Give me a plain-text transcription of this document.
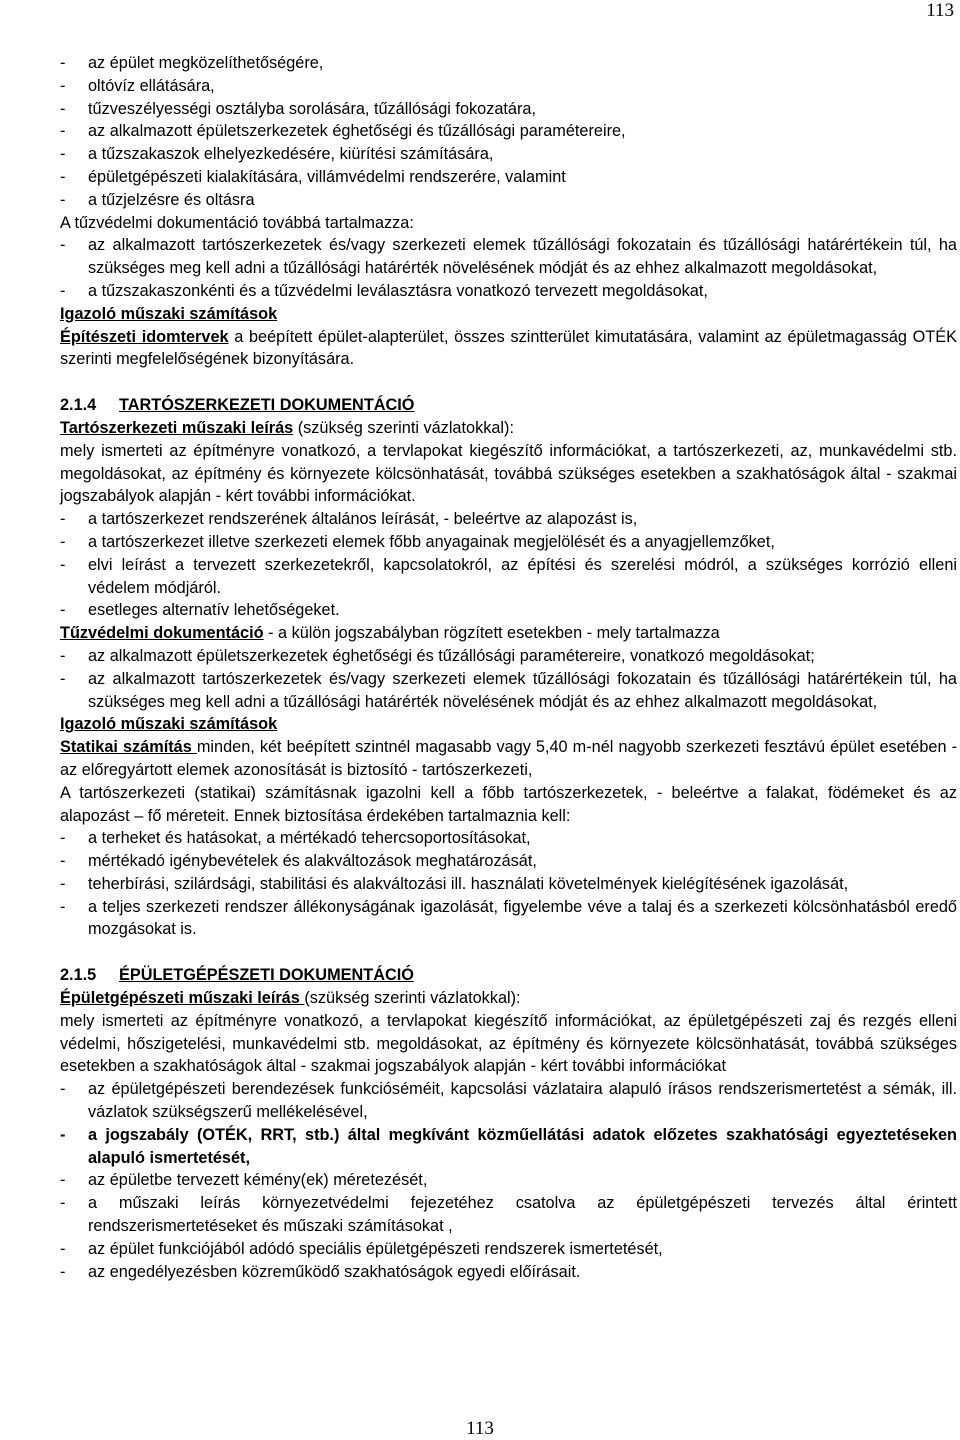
113

- az épület megközelíthetőségére,

- oltóvíz ellátására,

- tűzveszélyességi osztályba sorolására, tűzállósági fokozatára,

- az alkalmazott épületszerkezetek éghetőségi és tűzállósági paramétereire,

- a tűzszakaszok elhelyezkedésére, kiürítési számítására,

- épületgépészeti kialakítására, villámvédelmi rendszerére, valamint

- a tűzjelzésre és oltásra

A tűzvédelmi dokumentáció továbbá tartalmazza:

- az alkalmazott tartószerkezetek és/vagy szerkezeti elemek tűzállósági fokozatain és tűzállósági határértékein túl, ha szükséges meg kell adni a tűzállósági határérték növelésének módját és az ehhez alkalmazott megoldásokat,

- a tűzszakaszonkénti és a tűzvédelmi leválasztásra vonatkozó tervezett megoldásokat,

Igazoló műszaki számítások

Építészeti idomtervek a beépített épület-alapterület, összes szintterület kimutatására, valamint az épületmagasság OTÉK szerinti megfelelőségének bizonyítására.

2.1.4 TARTÓSZERKEZETI DOKUMENTÁCIÓ

Tartószerkezeti műszaki leírás (szükség szerinti vázlatokkal):

mely ismerteti az építményre vonatkozó, a tervlapokat kiegészítő információkat, a tartószerkezeti, az, munkavédelmi stb. megoldásokat, az építmény és környezete kölcsönhatását, továbbá szükséges esetekben a szakhatóságok által - szakmai jogszabályok alapján - kért további információkat.

- a tartószerkezet rendszerének általános leírását, - beleértve az alapozást is,

- a tartószerkezet illetve szerkezeti elemek főbb anyagainak megjelölését és a anyagjellemzőket,

- elvi leírást a tervezett szerkezetekről, kapcsolatokról, az építési és szerelési módról, a szükséges korrózió elleni védelem módjáról.

- esetleges alternatív lehetőségeket.

Tűzvédelmi dokumentáció - a külön jogszabályban rögzített esetekben - mely tartalmazza

- az alkalmazott épületszerkezetek éghetőségi és tűzállósági paramétereire, vonatkozó megoldásokat;

- az alkalmazott tartószerkezetek és/vagy szerkezeti elemek tűzállósági fokozatain és tűzállósági határértékein túl, ha szükséges meg kell adni a tűzállósági határérték növelésének módját és az ehhez alkalmazott megoldásokat,

Igazoló műszaki számítások

Statikai számítás minden, két beépített szintnél magasabb vagy 5,40 m-nél nagyobb szerkezeti fesztávú épület esetében - az előregyártott elemek azonosítását is biztosító - tartószerkezeti,

A tartószerkezeti (statikai) számításnak igazolni kell a főbb tartószerkezetek, - beleértve a falakat, födémeket és az alapozást – fő méreteit. Ennek biztosítása érdekében tartalmaznia kell:

- a terheket és hatásokat, a mértékadó tehercsoportosításokat,

- mértékadó igénybevételek és alakváltozások meghatározását,

- teherbírási, szilárdsági, stabilitási és alakváltozási ill. használati követelmények kielégítésének igazolását,

- a teljes szerkezeti rendszer állékonyságának igazolását, figyelembe véve a talaj és a szerkezeti kölcsönhatásból eredő mozgásokat is.

2.1.5 ÉPÜLETGÉPÉSZETI DOKUMENTÁCIÓ

Épületgépészeti műszaki leírás (szükség szerinti vázlatokkal):

mely ismerteti az építményre vonatkozó, a tervlapokat kiegészítő információkat, az épületgépészeti zaj és rezgés elleni védelmi, hőszigetelési, munkavédelmi stb. megoldásokat, az építmény és környezete kölcsönhatását, továbbá szükséges esetekben a szakhatóságok által - szakmai jogszabályok alapján - kért további információkat

- az épületgépészeti berendezések funkcióséméit, kapcsolási vázlataira alapuló írásos rendszerismertetést a sémák, ill. vázlatok szükségszerű mellékelésével,

- a jogszabály (OTÉK, RRT, stb.) által megkívánt közműellátási adatok előzetes szakhatósági egyeztetéseken alapuló ismertetését,

- az épületbe tervezett kémény(ek) méretezését,

- a műszaki leírás környezetvédelmi fejezetéhez csatolva az épületgépészeti tervezés által érintett rendszerismertetéseket és műszaki számításokat ,

- az épület funkciójából adódó speciális épületgépészeti rendszerek ismertetését,

- az engedélyezésben közreműködő szakhatóságok egyedi előírásait.

113
